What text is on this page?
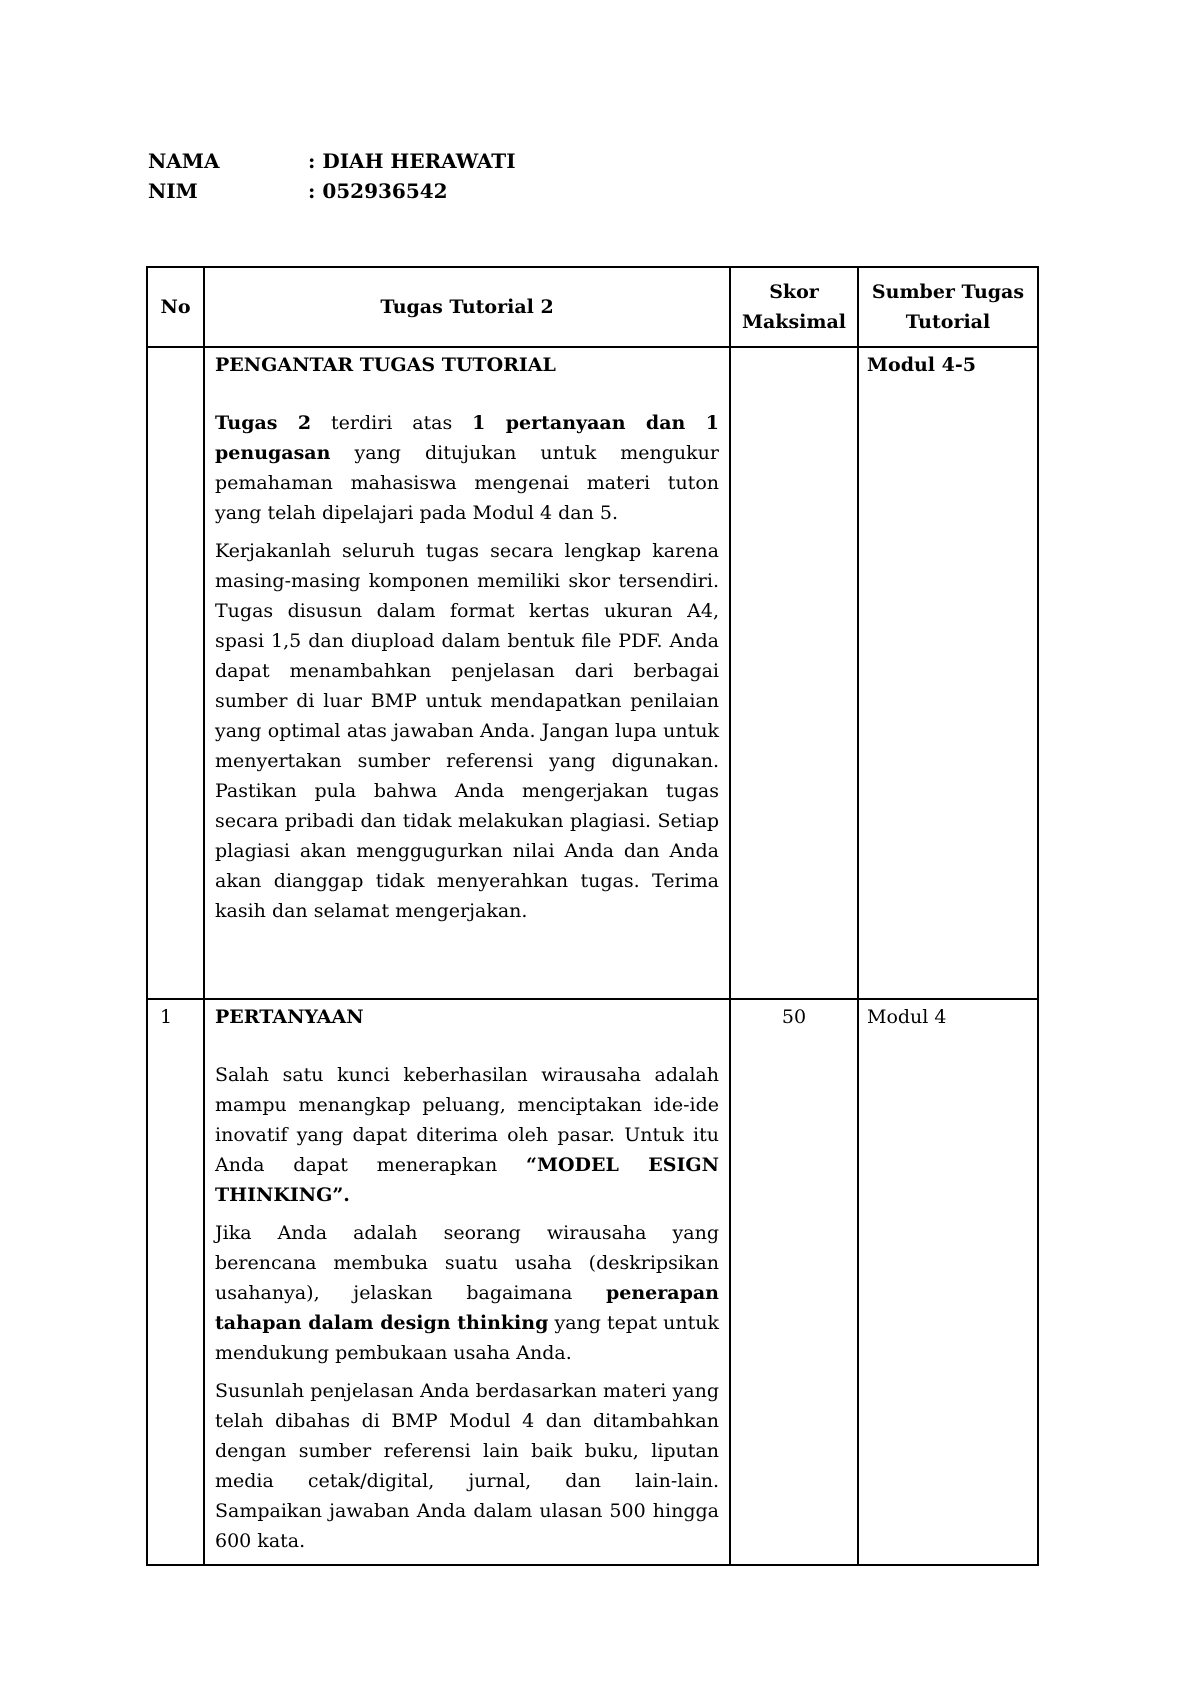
NAMA	: DIAH HERAWATI
NIM	: 052936542
No	Tugas Tutorial 2	Skor Maksimal	Sumber Tugas Tutorial

	PENGANTAR TUGAS TUTORIAL

Tugas 2 terdiri atas 1 pertanyaan dan 1 penugasan yang ditujukan untuk mengukur pemahaman mahasiswa mengenai materi tuton yang telah dipelajari pada Modul 4 dan 5.

Kerjakanlah seluruh tugas secara lengkap karena masing-masing komponen memiliki skor tersendiri. Tugas disusun dalam format kertas ukuran A4, spasi 1,5 dan diupload dalam bentuk file PDF. Anda dapat menambahkan penjelasan dari berbagai sumber di luar BMP untuk mendapatkan penilaian yang optimal atas jawaban Anda. Jangan lupa untuk menyertakan sumber referensi yang digunakan. Pastikan pula bahwa Anda mengerjakan tugas secara pribadi dan tidak melakukan plagiasi. Setiap plagiasi akan menggugurkan nilai Anda dan Anda akan dianggap tidak menyerahkan tugas. Terima kasih dan selamat mengerjakan.		Modul 4-5
1	PERTANYAAN

Salah satu kunci keberhasilan wirausaha adalah mampu menangkap peluang, menciptakan ide-ide inovatif yang dapat diterima oleh pasar. Untuk itu Anda dapat menerapkan “MODEL ESIGN THINKING”.

Jika Anda adalah seorang wirausaha yang berencana membuka suatu usaha (deskripsikan usahanya), jelaskan bagaimana penerapan tahapan dalam design thinking yang tepat untuk mendukung pembukaan usaha Anda.

Susunlah penjelasan Anda berdasarkan materi yang telah dibahas di BMP Modul 4 dan ditambahkan dengan sumber referensi lain baik buku, liputan media cetak/digital, jurnal, dan lain-lain. Sampaikan jawaban Anda dalam ulasan 500 hingga 600 kata.	50	Modul 4
